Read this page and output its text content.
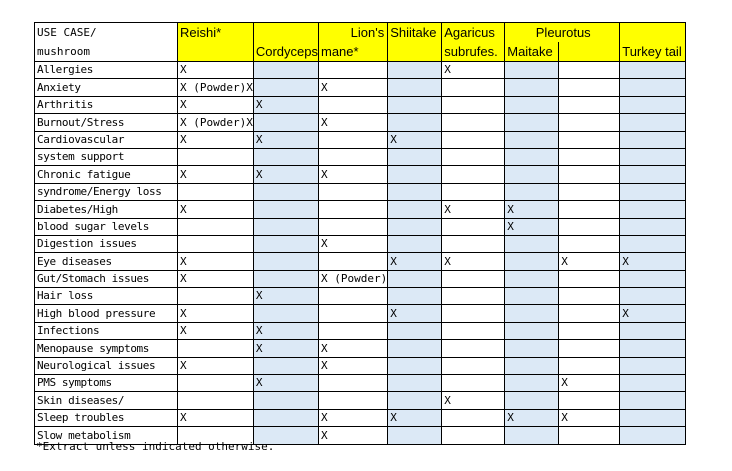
USE CASE/	Reishi*		Lion's	Shiitake	Agaricus	Pleurotus		
mushroom		Cordyceps	mane*		subrufes.	Maitake		Turkey tail
Allergies	X				X			
Anxiety	X (Powder)X		X					
Arthritis	X	X						
Burnout/Stress	X (Powder)X		X					
Cardiovascular	X	X		X				
system support								
Chronic fatigue	X	X	X					
syndrome/Energy loss								
Diabetes/High	X				X	X		
blood sugar levels						X		
Digestion issues			X					
Eye diseases	X			X	X		X	X
Gut/Stomach issues	X		X (Powder)					
Hair loss		X						
High blood pressure	X			X				X
Infections	X	X						
Menopause symptoms		X	X					
Neurological issues	X		X					
PMS symptoms		X					X	
Skin diseases/					X			
Sleep troubles	X		X	X		X	X	
Slow metabolism			X					
*Extract unless indicated otherwise.
